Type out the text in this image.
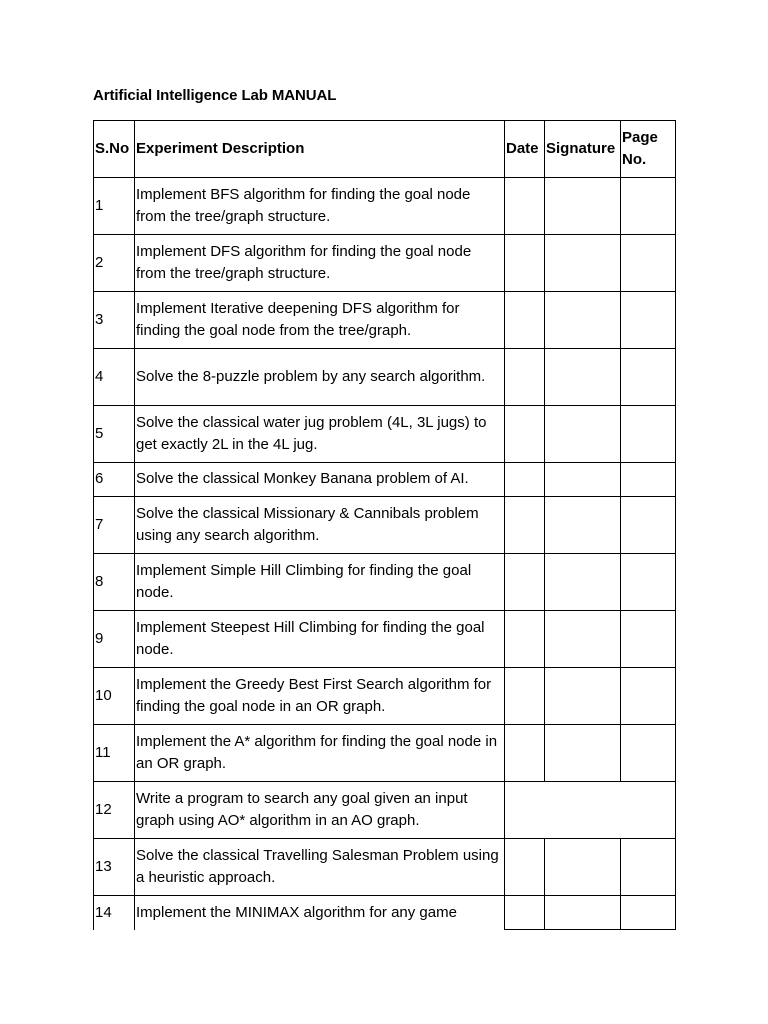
Artificial Intelligence Lab MANUAL
S.No	Experiment Description	Date	Signature	Page No.
1	Implement BFS algorithm for finding the goal node from the tree/graph structure.			
2	Implement DFS algorithm for finding the goal node from the tree/graph structure.			
3	Implement Iterative deepening DFS algorithm for finding the goal node from the tree/graph.			
4	Solve the 8-puzzle problem by any search algorithm.			
5	Solve the classical water jug problem (4L, 3L jugs) to get exactly 2L in the 4L jug.			
6	Solve the classical Monkey Banana problem of AI.			
7	Solve the classical Missionary & Cannibals problem using any search algorithm.			
8	Implement Simple Hill Climbing for finding the goal node.			
9	Implement Steepest Hill Climbing for finding the goal node.			
10	Implement the Greedy Best First Search algorithm for finding the goal node in an OR graph.			
11	Implement the A* algorithm for finding the goal node in an OR graph.			
12	Write a program to search any goal given an input graph using AO* algorithm in an AO graph.			
13	Solve the classical Travelling Salesman Problem using a heuristic approach.			
14	Implement the MINIMAX algorithm for any game			
